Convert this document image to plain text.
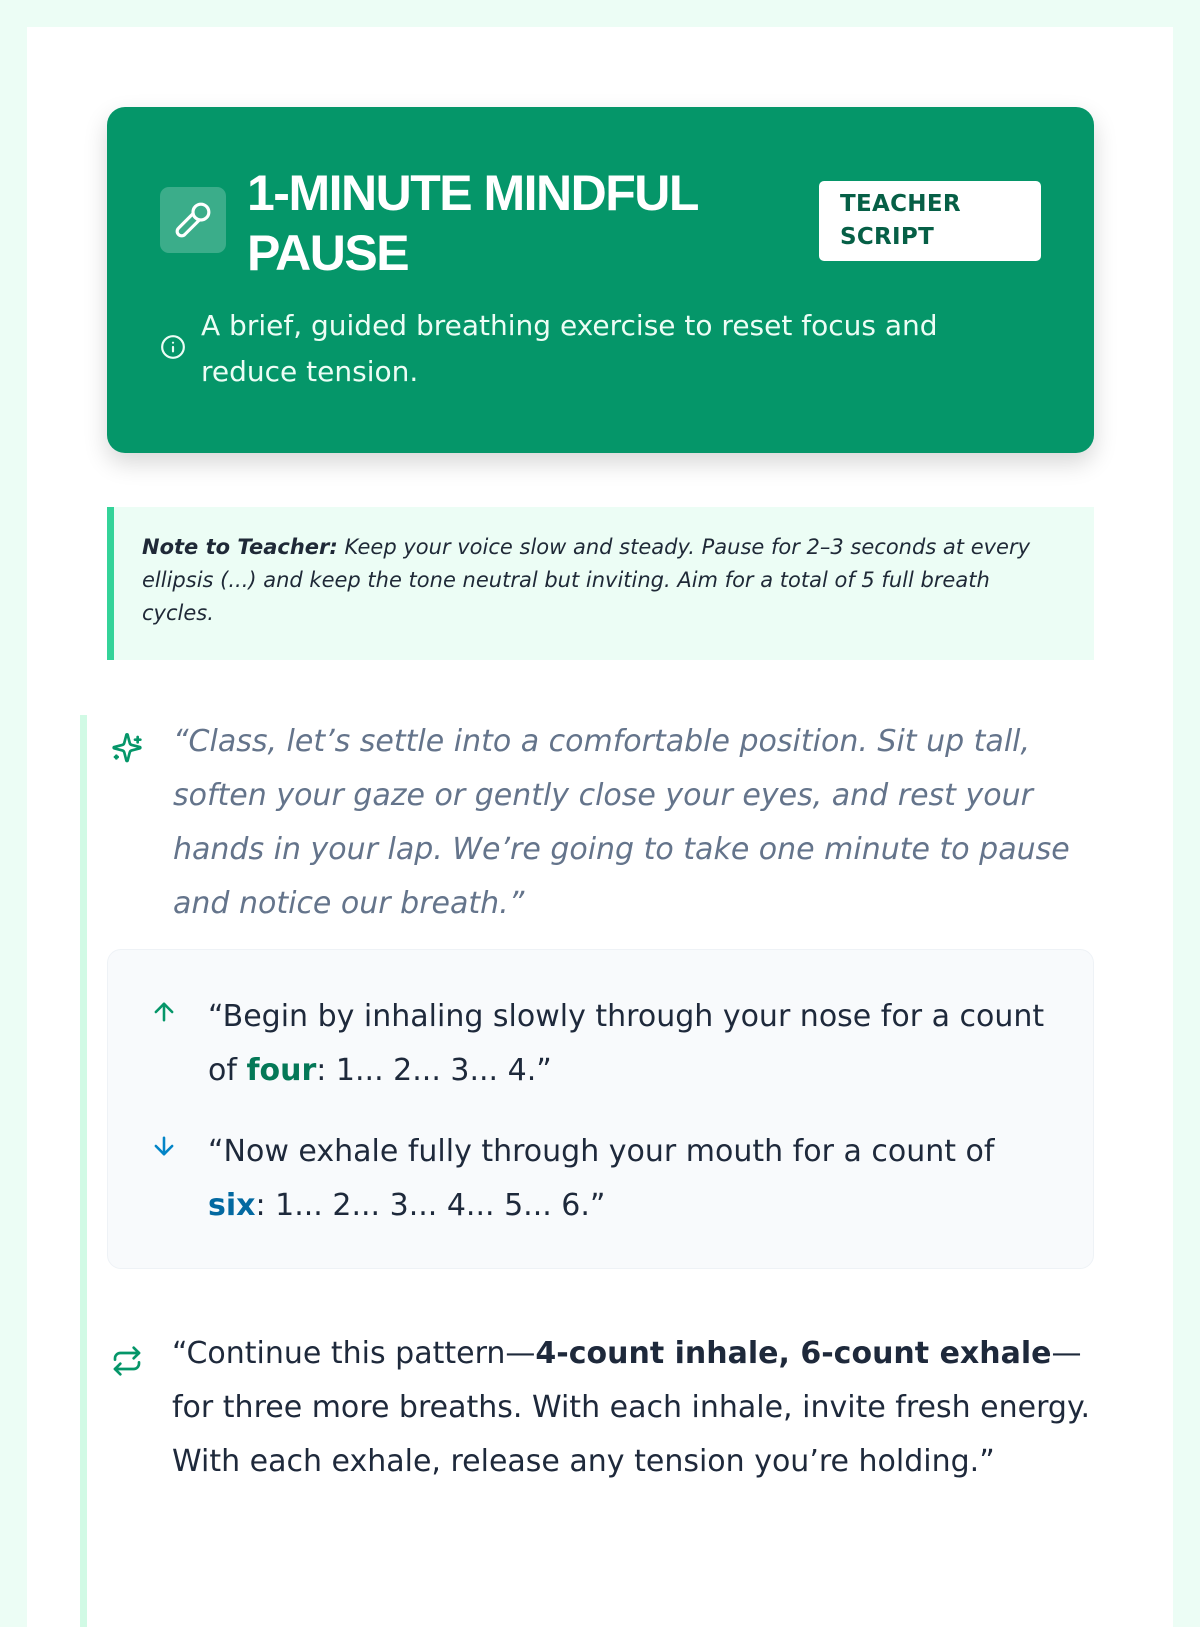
1-MINUTE MINDFUL PAUSE
TEACHER SCRIPT
A brief, guided breathing exercise to reset focus and reduce tension.
Note to Teacher: Keep your voice slow and steady. Pause for 2–3 seconds at every ellipsis (...) and keep the tone neutral but inviting. Aim for a total of 5 full breath cycles.
“Class, let’s settle into a comfortable position. Sit up tall, soften your gaze or gently close your eyes, and rest your hands in your lap. We’re going to take one minute to pause and notice our breath.”
“Begin by inhaling slowly through your nose for a count of four: 1... 2... 3... 4.”
“Now exhale fully through your mouth for a count of six: 1... 2... 3... 4... 5... 6.”
“Continue this pattern—4-count inhale, 6-count exhale—for three more breaths. With each inhale, invite fresh energy. With each exhale, release any tension you’re holding.”
